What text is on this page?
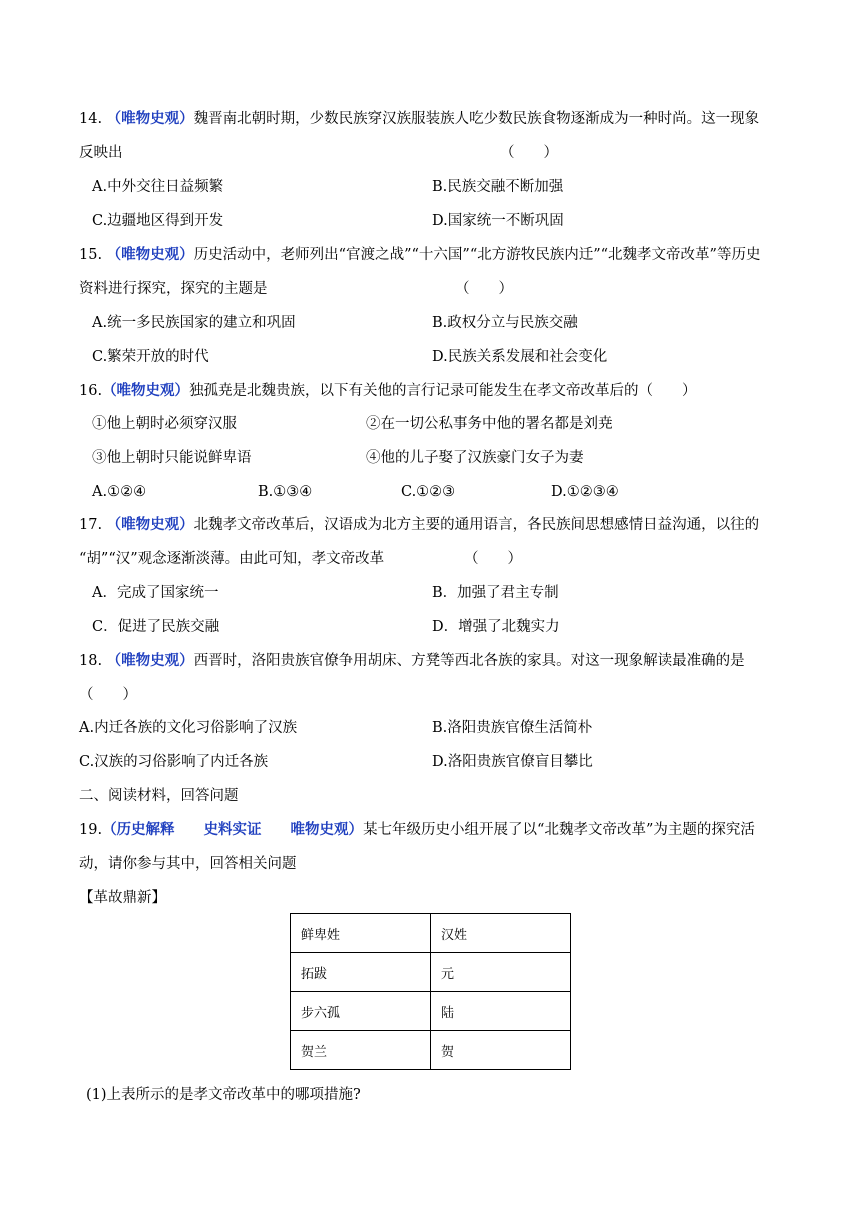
14. （唯物史观）魏晋南北朝时期，少数民族穿汉族服装族人吃少数民族食物逐渐成为一种时尚。这一现象
反映出	（　　）
A.中外交往日益频繁	B.民族交融不断加强
C.边疆地区得到开发	D.国家统一不断巩固
15. （唯物史观）历史活动中，老师列出“官渡之战”“十六国”“北方游牧民族内迁”“北魏孝文帝改革”等历史
资料进行探究，探究的主题是	（　　）
A.统一多民族国家的建立和巩固	B.政权分立与民族交融
C.繁荣开放的时代	D.民族关系发展和社会变化
16.（唯物史观）独孤尭是北魏贵族，以下有关他的言行记录可能发生在孝文帝改革后的（　　）
①他上朝时必须穿汉服	②在一切公私事务中他的署名都是刘尭
③他上朝时只能说鲜卑语	④他的儿子娶了汉族豪门女子为妻
A.①②④	B.①③④	C.①②③	D.①②③④
17. （唯物史观）北魏孝文帝改革后，汉语成为北方主要的通用语言，各民族间思想感情日益沟通，以往的
“胡”“汉”观念逐渐淡薄。由此可知，孝文帝改革	（　　）
A．完成了国家统一	B．加强了君主专制
C．促进了民族交融	D．增强了北魏实力
18. （唯物史观）西晋时，洛阳贵族官僚争用胡床、方凳等西北各族的家具。对这一现象解读最准确的是
（　　）
A.内迁各族的文化习俗影响了汉族	B.洛阳贵族官僚生活简朴
C.汉族的习俗影响了内迁各族	D.洛阳贵族官僚盲目攀比
二、阅读材料，回答问题
19.（历史解释　　史料实证　　唯物史观）某七年级历史小组开展了以“北魏孝文帝改革”为主题的探究活
动，请你参与其中，回答相关问题
【革故鼎新】
鲜卑姓	汉姓
拓跋	元
步六孤	陆
贺兰	贺
(1)上表所示的是孝文帝改革中的哪项措施?
